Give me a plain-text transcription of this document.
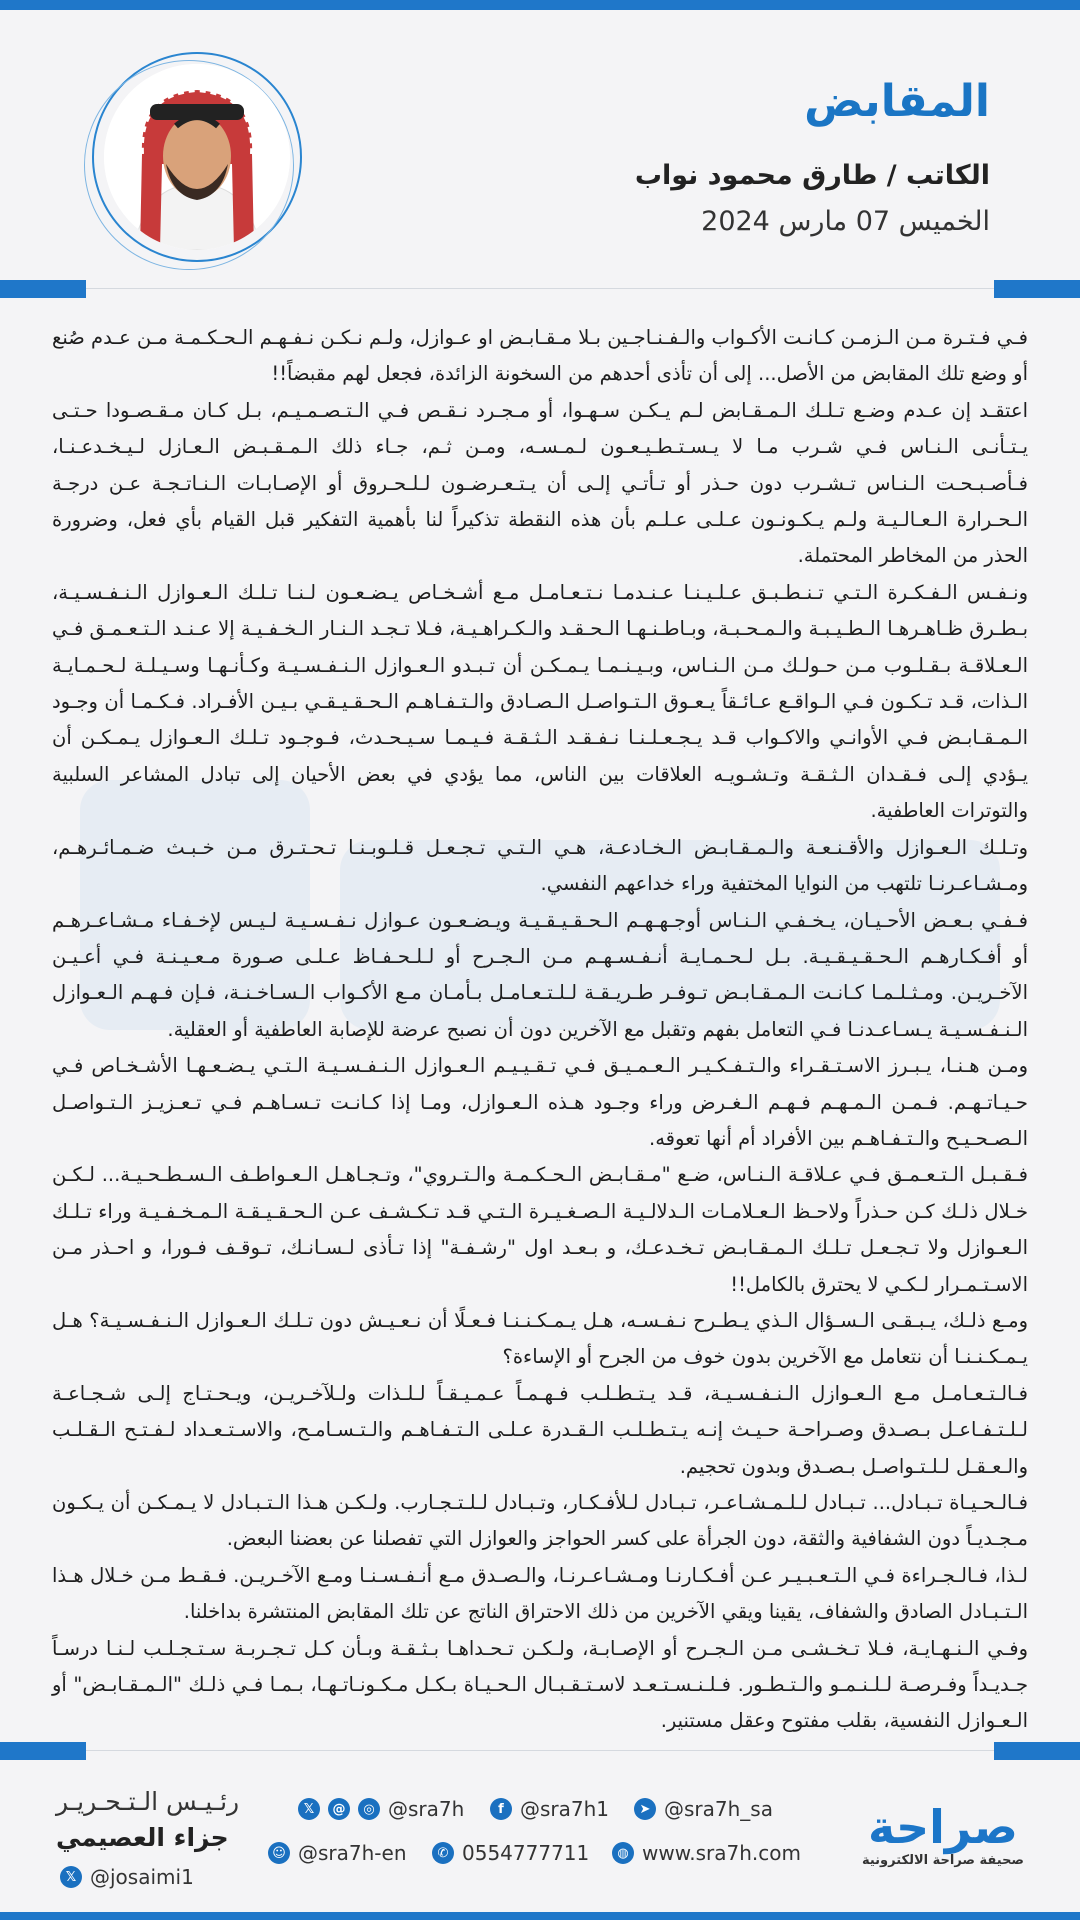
المقابض
الكاتب / طارق محمود نواب
الخميس 07 مارس 2024

فـي فـتـرة مـن الـزمـن كـانـت الأكـواب والـفـنـاجـين بـلا مـقـابـض او عـوازل، ولـم نـكـن نـفـهـم الـحـكـمـة مـن عـدم صُنع أو وضع تلك المقابض من الأصل... إلى أن تأذى أحدهم من السخونة الزائدة، فجعل لهم مقبضاً!!

اعتقـد إن عـدم وضـع تـلـك الـمـقـابض لـم يـكـن سـهـوا، أو مـجـرد نـقـص فـي الـتـصـمـيـم، بـل كـان مـقـصـودا حـتـى يـتـأنـى الـنـاس فـي شـرب مـا لا يـسـتـطـيـعـون لـمـسـه، ومـن ثـم، جـاء ذلك الـمـقـبـض الـعـازل لـيـخـدعـنـا، فـأصـبـحـت الـنـاس تـشـرب دون حـذر أو تـأتـي إلـى أن يـتـعـرضـون لـلـحـروق أو الإصـابـات الـنـاتـجـة عـن درجـة الـحـرارة الـعـالـيـة ولـم يـكـونـون عـلـى عـلـم بأن هذه النقطة تذكيراً لنا بأهمية التفكير قبل القيام بأي فعل، وضرورة الحذر من المخاطر المحتملة.

ونـفـس الـفـكـرة الـتـي تـنـطـبـق عـلـيـنـا عـنـدمـا نـتـعـامـل مـع أشـخـاص يـضـعـون لـنـا تـلـك الـعـوازل الـنـفـسـيـة، بـطـرق ظـاهـرهـا الـطـيـبـة والـمـحـبـة، وبـاطـنـهـا الـحـقـد والـكـراهـيـة، فـلا تـجـد الـنـار الـخـفـيـة إلا عـنـد الـتـعـمـق فـي الـعـلاقـة بـقـلـوب مـن حـولـك مـن الـنـاس، وبـيـنـمـا يـمـكـن أن تـبـدو الـعـوازل الـنـفـسـيـة وكـأنـهـا وسـيـلـة لـحـمـايـة الـذات، قـد تـكـون فـي الـواقـع عـائـقاً يـعـوق الـتـواصـل الـصـادق والـتـفـاهـم الـحـقـيـقـي بـيـن الأفـراد. فـكـمـا أن وجـود الـمـقـابـض فـي الأوانـي والاكـواب قـد يـجـعـلـنـا نـفـقـد الـثـقـة فـيـمـا سـيـحـدث، فـوجـود تـلـك الـعـوازل يـمـكـن أن يـؤدي إلـى فـقـدان الـثـقـة وتـشـويـه العلاقات بين الناس، مما يؤدي في بعض الأحيان إلى تبادل المشاعر السلبية والتوترات العاطفية.

وتـلـك الـعـوازل والأقـنـعـة والـمـقـابـض الـخـادعـة، هـي الـتـي تـجـعـل قـلـوبـنـا تـحـتـرق مـن خـبـث ضـمـائـرهـم، ومـشـاعـرنـا تلتهب من النوايا المختفية وراء خداعهم النفسي.

فـفـي بـعـض الأحـيـان، يـخـفـي الـنـاس أوجـهـهـم الـحـقـيـقـيـة ويـضـعـون عـوازل نـفـسـيـة لـيـس لإخـفـاء مـشـاعـرهـم أو أفـكـارهـم الـحـقـيـقـيـة. بـل لـحـمـايـة أنـفـسـهـم مـن الـجـرح أو لـلـحـفـاظ عـلـى صـورة مـعـيـنـة فـي أعـيـن الآخـريـن. ومـثـلـمـا كـانـت الـمـقـابـض تـوفـر طـريـقـة لـلـتـعـامـل بـأمـان مـع الأكـواب الـسـاخـنـة، فـإن فـهـم الـعـوازل الـنـفـسـيـة يـسـاعـدنـا فـي التعامل بفهم وتقبل مع الآخرين دون أن نصبح عرضة للإصابة العاطفية أو العقلية.

ومـن هـنـا، يـبـرز الاسـتـقـراء والـتـفـكـيـر الـعـمـيـق فـي تـقـيـيـم الـعـوازل الـنـفـسـيـة الـتـي يـضـعـهـا الأشـخـاص فـي حـيـاتـهـم. فـمـن الـمـهـم فـهـم الـغـرض وراء وجـود هـذه الـعـوازل، ومـا إذا كـانـت تـسـاهـم فـي تـعـزيـز الـتـواصـل الـصـحـيـح والـتـفـاهـم بين الأفراد أم أنها تعوقه.

فـقـبـل الـتـعـمـق فـي عـلاقـة الـنـاس، ضـع "مـقـابـض الـحـكـمـة والـتـروي"، وتـجـاهـل الـعـواطـف الـسـطـحـيـة... لـكـن خـلال ذلـك كـن حـذراً ولاحـظ الـعـلامـات الـدلالـيـة الـصـغـيـرة الـتـي قـد تـكـشـف عـن الـحـقـيـقـة الـمـخـفـيـة وراء تـلـك الـعـوازل ولا تـجـعـل تـلـك الـمـقـابـض تـخـدعـك، و بـعـد اول "رشـفـة" إذا تـأذى لـسـانـك، تـوقـف فـورا، و احـذر مـن الاسـتـمـرار لـكـي لا يحترق بالكامل!!

ومـع ذلـك، يـبـقـى الـسـؤال الـذي يـطـرح نـفـسـه، هـل يـمـكـنـنـا فـعـلًا أن نـعـيـش دون تـلـك الـعـوازل الـنـفـسـيـة؟ هـل يـمـكـنـنـا أن نتعامل مع الآخرين بدون خوف من الجرح أو الإساءة؟

فـالـتـعـامـل مـع الـعـوازل الـنـفـسـيـة، قـد يـتـطـلـب فـهـمـاً عـمـيـقـاً لـلـذات ولـلآخـريـن، ويـحـتـاج إلـى شـجـاعـة لـلـتـفـاعـل بـصـدق وصـراحـة حـيـث إنـه يـتـطـلـب الـقـدرة عـلـى الـتـفـاهـم والـتـسـامـح، والاسـتـعـداد لـفـتـح الـقـلـب والـعـقـل لـلـتـواصـل بـصـدق وبدون تحجيم.

فـالـحـيـاة تـبـادل... تـبـادل لـلـمـشـاعـر، تـبـادل لـلأفـكـار، وتـبـادل لـلـتـجـارب. ولـكـن هـذا الـتـبـادل لا يـمـكـن أن يـكـون مـجـديـاً دون الشفافية والثقة، دون الجرأة على كسر الحواجز والعوازل التي تفصلنا عن بعضنا البعض.

لـذا، فـالـجـراءة فـي الـتـعـبـيـر عـن أفـكـارنـا ومـشـاعـرنـا، والـصـدق مـع أنـفـسـنـا ومـع الآخـريـن. فـقـط مـن خـلال هـذا الـتـبـادل الصادق والشفاف، يقينا ويقي الآخرين من ذلك الاحتراق الناتج عن تلك المقابض المنتشرة بداخلنا.

وفـي الـنـهـايـة، فـلا تـخـشـى مـن الـجـرح أو الإصـابـة، ولـكـن تـحـداهـا بـثـقـة وبـأن كـل تـجـربـة سـتـجـلـب لـنـا درسـاً جـديـداً وفـرصـة لـلـنـمـو والـتـطـور. فـلـنـسـتـعـد لاسـتـقـبـال الـحـيـاة بـكـل مـكـونـاتـهـا، بـمـا فـي ذلـك "الـمـقـابـض" أو الـعـوازل النفسية، بقلب مفتوح وعقل مستنير.

رئـيـس الـتـحـريـر
جزاء العصيمي
𝕏 @josaimi1
𝕏	@	◎ @sra7h	f @sra7h1	➤ @sra7h_sa
☺ @sra7h-en	✆ 0554777711	◍ www.sra7h.com صراحة
صحيفة صراحة الالكترونية
